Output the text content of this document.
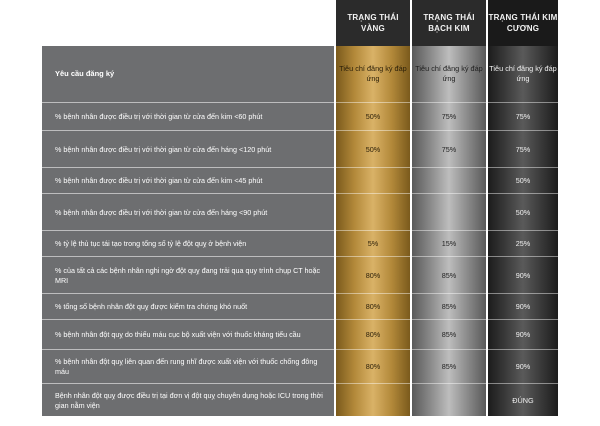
Yêu cầu đăng ký
% bệnh nhân được điều trị với thời gian từ cửa đến kim <60 phút
% bệnh nhân được điều trị với thời gian từ cửa đến háng <120 phút
% bệnh nhân được điều trị với thời gian từ cửa đến kim <45 phút
% bệnh nhân được điều trị với thời gian từ cửa đến háng <90 phút
% tỷ lệ thủ tục tái tạo trong tổng số tỷ lệ đột quỵ ở bệnh viện
% của tất cả các bệnh nhân nghi ngờ đột quỵ đang trải qua quy trình chụp CT hoặc MRI
% tổng số bệnh nhân đột quỵ được kiểm tra chứng khó nuốt
% bệnh nhân đột quỵ do thiếu máu cục bộ xuất viện với thuốc kháng tiểu cầu
% bệnh nhân đột quỵ liên quan đến rung nhĩ được xuất viện với thuốc chống đông máu
Bệnh nhân đột quỵ được điều trị tại đơn vị đột quỵ chuyên dụng hoặc ICU trong thời gian nằm viện
TRẠNG THÁI VÀNG
Tiêu chí đăng ký đáp ứng
50%
50%
5%
80%
80%
80%
80%
TRẠNG THÁI BẠCH KIM
Tiêu chí đăng ký đáp ứng
75%
75%
15%
85%
85%
85%
85%
TRẠNG THÁI KIM CƯƠNG
Tiêu chí đăng ký đáp ứng
75%
75%
50%
50%
25%
90%
90%
90%
90%
ĐÚNG
